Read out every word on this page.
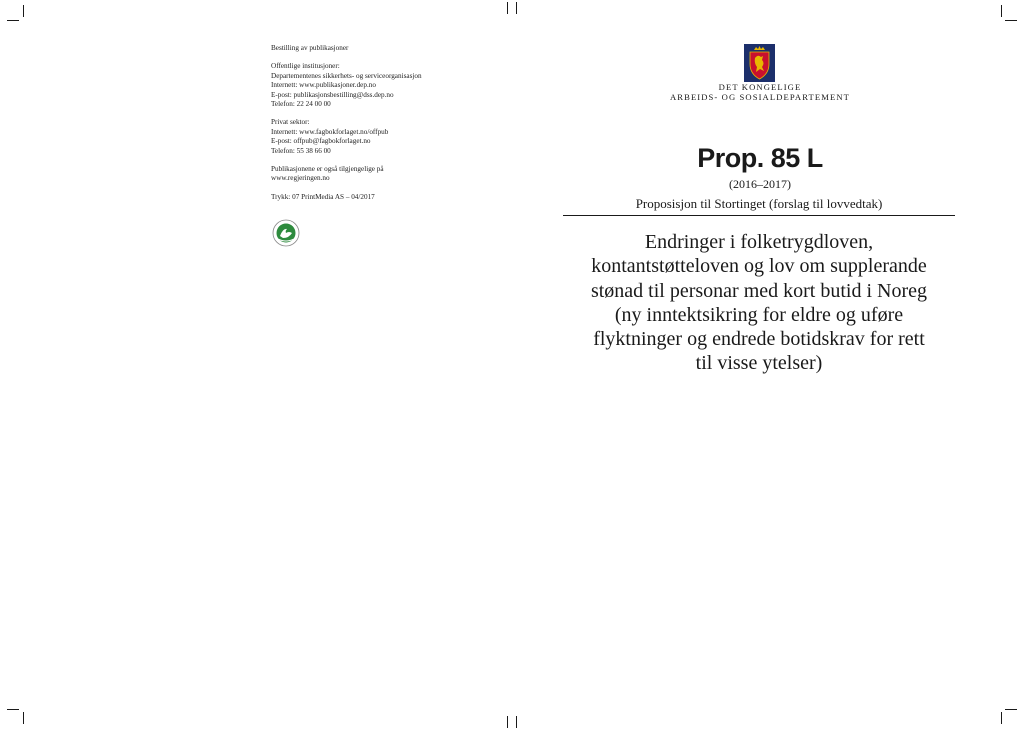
Bestilling av publikasjoner
Offentlige institusjoner:
Departementenes sikkerhets- og serviceorganisasjon
Internett: www.publikasjoner.dep.no
E-post: publikasjonsbestilling@dss.dep.no
Telefon: 22 24 00 00
Privat sektor:
Internett: www.fagbokforlaget.no/offpub
E-post: offpub@fagbokforlaget.no
Telefon: 55 38 66 00
Publikasjonene er også tilgjengelige på
www.regjeringen.no
Trykk: 07 PrintMedia AS – 04/2017
DET KONGELIGE
ARBEIDS- OG SOSIALDEPARTEMENT
Prop. 85 L
(2016–2017)
Proposisjon til Stortinget (forslag til lovvedtak)
Endringer i folketrygdloven,
kontantstøtteloven og lov om supplerande
stønad til personar med kort butid i Noreg
(ny inntektsikring for eldre og uføre
flyktninger og endrede botidskrav for rett
til visse ytelser)
